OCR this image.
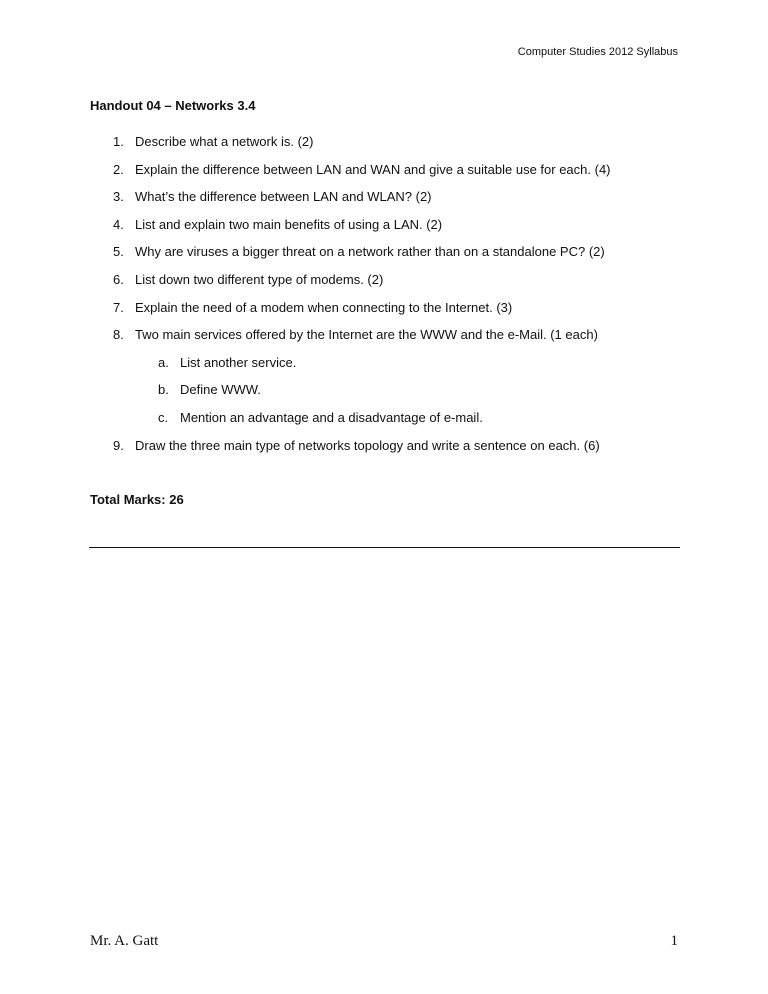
Computer Studies 2012 Syllabus
Handout 04 – Networks 3.4
1. Describe what a network is. (2)
2. Explain the difference between LAN and WAN and give a suitable use for each. (4)
3. What’s the difference between LAN and WLAN? (2)
4. List and explain two main benefits of using a LAN. (2)
5. Why are viruses a bigger threat on a network rather than on a standalone PC? (2)
6. List down two different type of modems. (2)
7. Explain the need of a modem when connecting to the Internet. (3)
8. Two main services offered by the Internet are the WWW and the e-Mail. (1 each)
a. List another service.
b. Define WWW.
c. Mention an advantage and a disadvantage of e-mail.
9. Draw the three main type of networks topology and write a sentence on each. (6)
Total Marks: 26
Mr. A. Gatt	1
